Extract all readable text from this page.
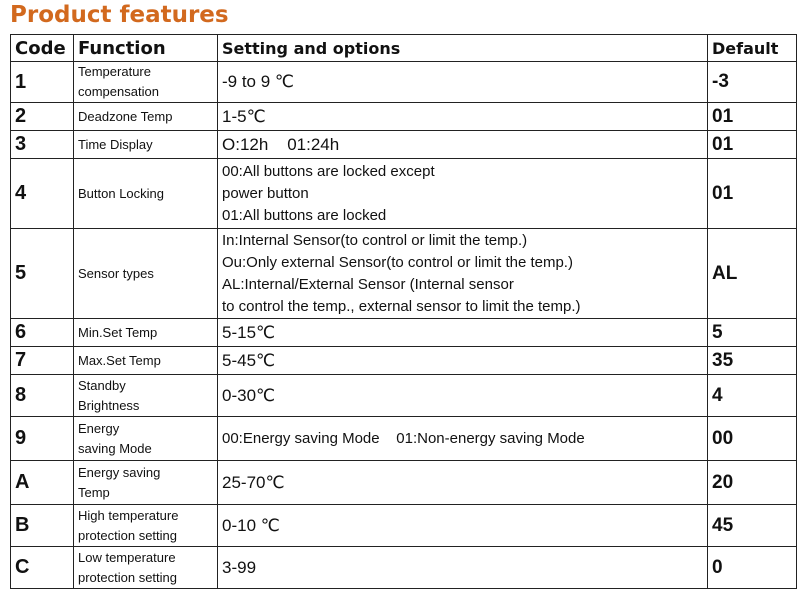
Product features
Code	Function	Setting and options	Default
1	Temperature
compensation	-9 to 9 ℃	-3
2	Deadzone Temp	1-5℃	01
3	Time Display	O:12h    01:24h	01
4	Button Locking	00:All buttons are locked except
power button
01:All buttons are locked	01
5	Sensor types	In:Internal Sensor(to control or limit the temp.)
Ou:Only external Sensor(to control or limit the temp.)
AL:Internal/External Sensor (Internal sensor
to control the temp., external sensor to limit the temp.)	AL
6	Min.Set Temp	5-15℃	5
7	Max.Set Temp	5-45℃	35
8	Standby
Brightness	0-30℃	4
9	Energy
saving Mode	00:Energy saving Mode    01:Non-energy saving Mode	00
A	Energy saving
Temp	25-70℃	20
B	High temperature
protection setting	0-10 ℃	45
C	Low temperature
protection setting	3-99	0
